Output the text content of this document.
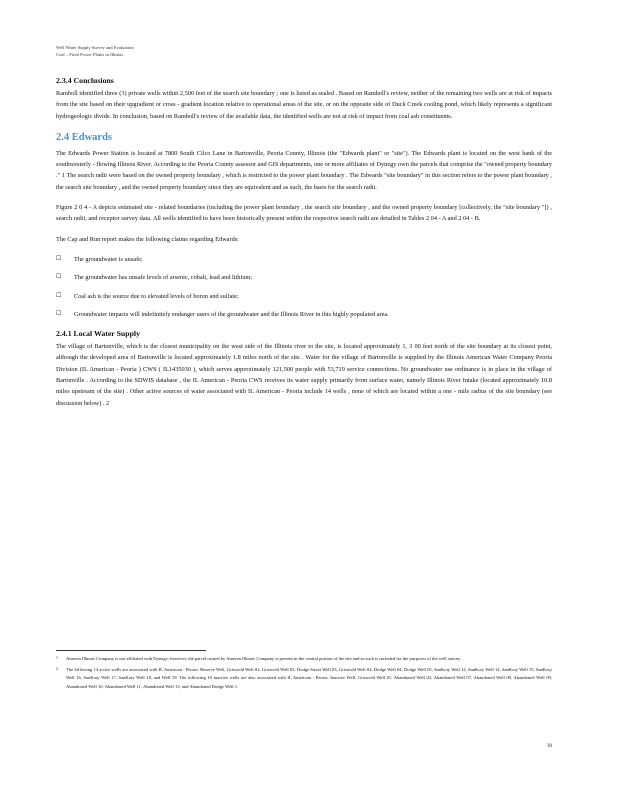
Well Water Supply Survey and Evaluation
Coal – Fired Power Plants in Illinois
2.3.4 Conclusions

Ramboll identified three (3) private wells within 2,500 feet of the search site boundary ; one is listed as sealed . Based on Ramboll's review, neither of the remaining two wells are at risk of impacts from the site based on their upgradient or cross - gradient location relative to operational areas of the site, or on the opposite side of Duck Creek cooling pond, which likely represents a significant hydrogeologic divide. In conclusion, based on Ramboll's review of the available data, the identified wells are not at risk of impact from coal ash constituents.

2.4 Edwards

The Edwards Power Station is located at 7800 South Cilco Lane in Bartonville, Peoria County, Illinois (the "Edwards plant" or "site"). The Edwards plant is located on the west bank of the southwesterly - flowing Illinois River. According to the Peoria County assessor and GIS departments, one or more affiliates of Dynegy own the parcels that comprise the "owned property boundary ." 1 The search radii were based on the owned property boundary , which is restricted to the power plant boundary . The Edwards "site boundary" in this section refers to the power plant boundary , the search site boundary , and the owned property boundary since they are equivalent and as such, the basis for the search radii.

Figure 2 0 4 - A depicts estimated site - related boundaries (including the power plant boundary , the search site boundary , and the owned property boundary [collectively, the "site boundary "]) , search radii, and receptor survey data. All wells identified to have been historically present within the respective search radii are detailed in Tables 2 04 - A and 2 04 - B.

The Cap and Run report makes the following claims regarding Edwards:

☐ The groundwater is unsafe;
☐ The groundwater has unsafe levels of arsenic, cobalt, lead and lithium;
☐ Coal ash is the source due to elevated levels of boron and sulfate;
☐ Groundwater impacts will indefinitely endanger users of the groundwater and the Illinois River in this highly populated area.
2.4.1 Local Water Supply

The village of Bartonville, which is the closest municipality on the west side of the Illinois river to the site, is located approximately 1, 3 00 feet north of the site boundary at its closest point, although the developed area of Bartonville is located approximately 1.8 miles north of the site . Water for the village of Bartonville is supplied by the Illinois American Water Company Peoria Division (IL American - Peoria ) CWS ( IL1435030 ), which serves approximately 121,500 people with 53,719 service connections. No groundwater use ordinance is in place in the village of Bartonville . According to the SDWIS database , the IL American - Peoria CWS receives its water supply primarily from surface water, namely Illinois River Intake (located approximately 10.8 miles upstream of the site) . Other active sources of water associated with IL American - Peoria include 14 wells , none of which are located within a one - mile radius of the site boundary (see discussion below) . 2

1 Ameren Illinois Company is not affiliated with Dynegy; however, the parcel owned by Ameren Illinois Company is present in the central portion of the site and as such is included for the purposes of the well survey.
2 The following 14 active wells are associated with IL American - Peoria: Reserve Well, Griswold Well 02, Griswold Well 03, Dodge Street Well 03, Griswold Well 04, Dodge Well 04, Dodge Well 05, SanKoty Well 12, SanKoty Well 14, SanKoty Well 15, SanKoty Well 16, SanKoty Well 17, SanKoty Well 18, and Well 19. The following 10 inactive wells are also associated with IL American - Peoria: Inactive Well, Griswold Well 01, Abandoned Well 02, Abandoned Well 07, Abandoned Well 08, Abandoned Well 09, Abandoned Well 10, Abandoned Well 11, Abandoned Well 13, and Abandoned Dodge Well 1.
30
